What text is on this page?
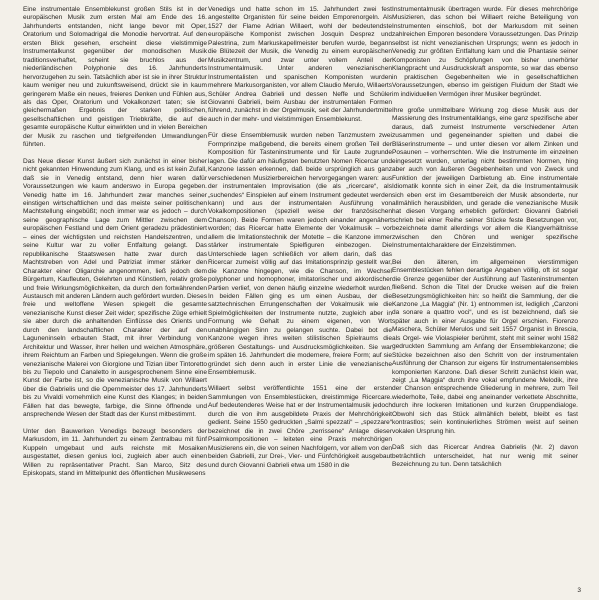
Eine instrumentale Ensemblekunst großen Stils ist in der europäischen Musik zum ersten Mal am Ende des 16. Jahrhunderts entstanden, nicht lange bevor mit Oper, Oratorium und Solomadrigal die Monodie hervortrat. Auf den ersten Blick gesehen, erscheint diese vielstimmige Instrumentalkunst gegenüber der monodischen Musik traditionsverhaftet, scheint sie bruchlos aus der niederländischen Polyphonie des 16. Jahrhunderts hervorzugehen zu sein. Tatsächlich aber ist sie in ihrer Struktur kaum weniger neu und zukunftsweisend, drückt sie in kaum geringerem Maße ein neues, freieres Denken und Fühlen aus, als das Oper, Oratorium und Vokalkonzert taten; sie ist gleichermaßen Ergebnis der starken politischen, gesellschaftlichen und geistigen Triebkräfte, die auf die gesamte europäische Kultur einwirkten und in vielen Bereichen der Musik zu raschen und tiefgreifenden Umwandlungen führten.

Das Neue dieser Kunst äußert sich zunächst in einer bisher nicht gekannten Hinwendung zum Klang, und es ist kein Zufall, daß sie in Venedig entstand, denn hier waren dafür Voraussetzungen wie kaum anderswo in Europa gegeben. Venedig hatte im 16. Jahrhundert zwar manches seiner einstigen wirtschaftlichen und das meiste seiner politischen Machtstellung eingebüßt; noch immer war es jedoch – durch seine geographische Lage zum Mittler zwischen dem europäischen Festland und dem Orient geradezu prädestiniert – eines der wichtigsten und reichsten Handelszentren, und seine Kultur war zu voller Entfaltung gelangt. Das republikanische Staatswesen hatte zwar durch das Machtstreben von Adel und Patriziat immer stärker den Charakter einer Oligarchie angenommen, ließ jedoch dem Bürgertum, Kaufleuten, Gelehrten und Künstlern, relativ große und freie Wirkungsmöglichkeiten, da durch den fortwährenden Austausch mit anderen Ländern auch gefördert wurden. Dieses freie und weltoffene Wesen spiegelt die gesamte venezianische Kunst dieser Zeit wider; spezifische Züge erhielt sie aber durch die anhaltenden Einflüsse des Orients und durch den landschaftlichen Charakter der auf den Laguneninseln erbauten Stadt, mit ihrer Verbindung von Architektur und Wasser, ihrer hellen und weichen Atmosphäre, ihrem Reichtum an Farben und Spiegelungen. Wenn die große venezianische Malerei von Giorgione und Tizian über Tintoretto bis zu Tiepolo und Canaletto in ausgesprochenem Sinne eine Kunst der Farbe ist, so die venezianische Musik von Willaert über die Gabrielis und die Opernmeister des 17. Jahrhunderts bis zu Vivaldi vornehmlich eine Kunst des Klanges; in beiden Fällen hat das bewegte, farbige, die Sinne öffnende und ansprechende Wesen der Stadt das der Kunst mitbestimmt.

Unter den Bauwerken Venedigs bezeugt besonders der Markusdom, im 11. Jahrhundert zu einem Zentralbau mit fünf Kuppeln umgebaut und aufs reichste mit Mosaiken ausgestattet, diesen genius loci, zugleich aber auch einen Willen zu repräsentativer Pracht. San Marco, Sitz des Episkopats, stand im Mittelpunkt des öffentlichen Musikwesens

Venedigs und hatte schon im 15. Jahrhundert zwei fest angestellte Organisten für seine beiden Emporenorgeln. Als 1527 der Flame Adrian Willaert, wohl der bedeutendste europäische Komponist zwischen Josquin Desprez und Palestrina, zum Markuskapellmeister berufen wurde, begann die Blütezeit der Musik, die Venedig zu einem europäischen Musikzentrum, und zwar unter vollem Anteil der Instrumentalmusik. Unter anderen venezianischen Instrumentalisten und spanischen Komponisten wurden mehrere Markusorganisten, vor allem Claudio Merulo, Willaerts Schüler Andrea Gabrieli und dessen Neffe und Schüler Giovanni Gabrieli, beim Ausbau der instrumentalen Formen führend, zunächst in der Orgelmusik, seit der Jahrhundertmitte auch in der mehr- und vielstimmigen Ensemblekunst.

Für diese Ensemblemusik wurden neben Tanzmustern zwei Formprinzipe maßgebend, die bereits einem großen Teil der Komposition für Tasteninstrumente und für Laute zugrunde lagen. Die dafür am häufigsten benutzten Nomen Ricercar und Kanzone lassen erkennen, daß beide ursprünglich aus ganz verschiedenen Musizierbereichen hervorgegangen waren: aus der instrumentalen Improvisation (die als „ricercare“, als „suchendes“ Einspielen auf einem Instrument gedeutet werden kann) und aus der instrumentalen Ausführung von Vokalkompositionen (speziell weise der französischen Chanson). Beide Formen waren jedoch einander angenähert worden; das Ricercar hatte Elemente der Vokalmusik – vor allem die Imitationstechnik der Motette – die Kanzone immer stärker instrumentale Spielfiguren einbezogen. Die Unterschiede lagen schließlich vor allem darin, daß das Ricercar zumeist völlig auf das Imitationsprinzip gestellt war, die Kanzone hingegen, wie die Chanson, im Wechsel polyphoner und homophoner, imitatorischer und akkordischer Partien verlief, von denen häufig einzelne wiederholt wurden. In beiden Fällen ging es um einen Ausbau, der die satztechnischen Errungenschaften der Vokalmusik wie die Spielmöglichkeiten der Instrumente nutzte, zugleich aber in Formung wie Gehalt zu einem eigenen, von Wort unabhängigen Sinn zu gelangen suchte. Dabei bot die Kanzone wegen ihres weiten stilistischen Spielraums die größeren Gestaltungs- und Ausdrucksmöglichkeiten. Sie war im späten 16. Jahrhundert die modernere, freiere Form; auf sie gründet sich denn auch in erster Linie die venezianische Ensemblemusik.

Willaert selbst veröffentlichte 1551 eine der ersten Sammlungen von Ensemblestücken, dreistimmige Ricercare. Auf bedeutenderes Weise hat er der Instrumentalmusik jedoch durch die von ihm ausgebildete Praxis der Mehrchörigkeit gedient. Seine 1550 gedruckten „Salmi spezzati“ – „spezzare“ bezeichnet die in zwei Chöre „zerrissene“ Anlage dieser Psalmkompositionen – leiteten eine Praxis mehrchörigen Musizierens ein, die von seinen Nachfolgern, vor allem von den beiden Gabrielli, zur Drei-, Vier- und Fünfchörigkeit ausgebaut und durch Giovanni Gabrieli etwa um 1580 in die

Instrumentalmusik übertragen wurde. Für dieses mehrchörige Musizieren, das schon bei Willaert reiche Beteiligung von Instrumenten einschloß, bot der Markusdom mit seinen zahlreichen Emporen besondere Voraussetzungen. Das Prinzip selbst ist nicht venezianischen Ursprungs; wenn es jedoch in Venedig zur größten Entfaltung kam und die Phantasie seiner Komponisten zu Schöpfungen von bisher unerhörter Klangpracht und Ausdruckskraft anspornte, so war das ebenso in praktischen Gegebenheiten wie in gesellschaftlichen Voraussetzungen, ebenso im geistigen Fluidum der Stadt wie im individuellen Vermögen ihrer Musiker begründet.

Ihre große unmittelbare Wirkung zog diese Musik aus der Massierung des Instrumentalklangs, eine ganz spezifische aber daraus, daß zumeist Instrumente verschiedener Arten zusammen und gegeneinander spielten und dabei die Bläserinstrumente – und unter diesen vor allem Zinken und Posaunen – vorherrschten. Wie die Instrumente im einzelnen eingesetzt wurden, unterlag nicht bestimmten Normen, hing aber auch von äußeren Gegebenheiten und von Zweck und Funktion der jeweiligen Darbietung ab. Eine instrumentale Idiomatik konnte sich in einer Zeit, da die Instrumentalmusik sich eben erst im Gesamtbereich der Musik absonderte, nur allmählich herausbilden, und gerade die venezianische Musik hat diesen Vorgang erheblich gefördert: Giovanni Gabrieli schrieb bei einer Reihe seiner Stücke feste Besetzungen vor, bezeichnete damit allerdings vor allem die Klangverhältnisse zwischen den Chören und weniger spezifische Instrumentalcharaktere der Einzelstimmen.

Bei den älteren, im allgemeinen vierstimmigen Ensemblestücken fehlen derartige Angaben völlig, oft ist sogar die Grenze gegenüber der Ausführung auf Tasteninstrumenten fließend. Schon die Titel der Drucke weisen auf die freien Besetzungsmöglichkeiten hin: so heißt die Sammlung, der die Kanzone „La Maggia“ (Nr. 1) entnommen ist, lediglich „Canzoni da sonare a quattro voci“, und es ist bezeichnend, daß sie später auch in einer Ausgabe für Orgel erschien. Fiorenzo Maschera, Schüler Merulos und seit 1557 Organist in Brescia, als Orgel- wie Violaspieler berühmt, steht mit seiner wohl 1582 gedruckten Sammlung am Anfang der Ensemblekanzone; die Stücke bezeichnen also den Schritt von der instrumentalen Ausführung der Chanson zur eigens für Instrumentalensembles komponierten Kanzone. Daß dieser Schritt zunächst klein war, zeigt „La Maggia“ durch ihre vokal empfundene Melodik, ihre der Chanson entsprechende Gliederung in mehrere, zum Teil wiederholte, Teile, dabei eng aneinander verkettete Abschnitte, durch ihre lockeren Imitationen und kurzen Gruppendialoge. Obwohl sich das Stück allmählich belebt, bleibt es fast kontrastlos; sein kontinuierliches Strömen weist auf seinen vokalen Ursprung hin.

Daß sich das Ricercar Andrea Gabrielis (Nr. 2) davon beträchtlich unterscheidet, hat nur wenig mit seiner Bezeichnung zu tun. Denn tatsächlich

3
